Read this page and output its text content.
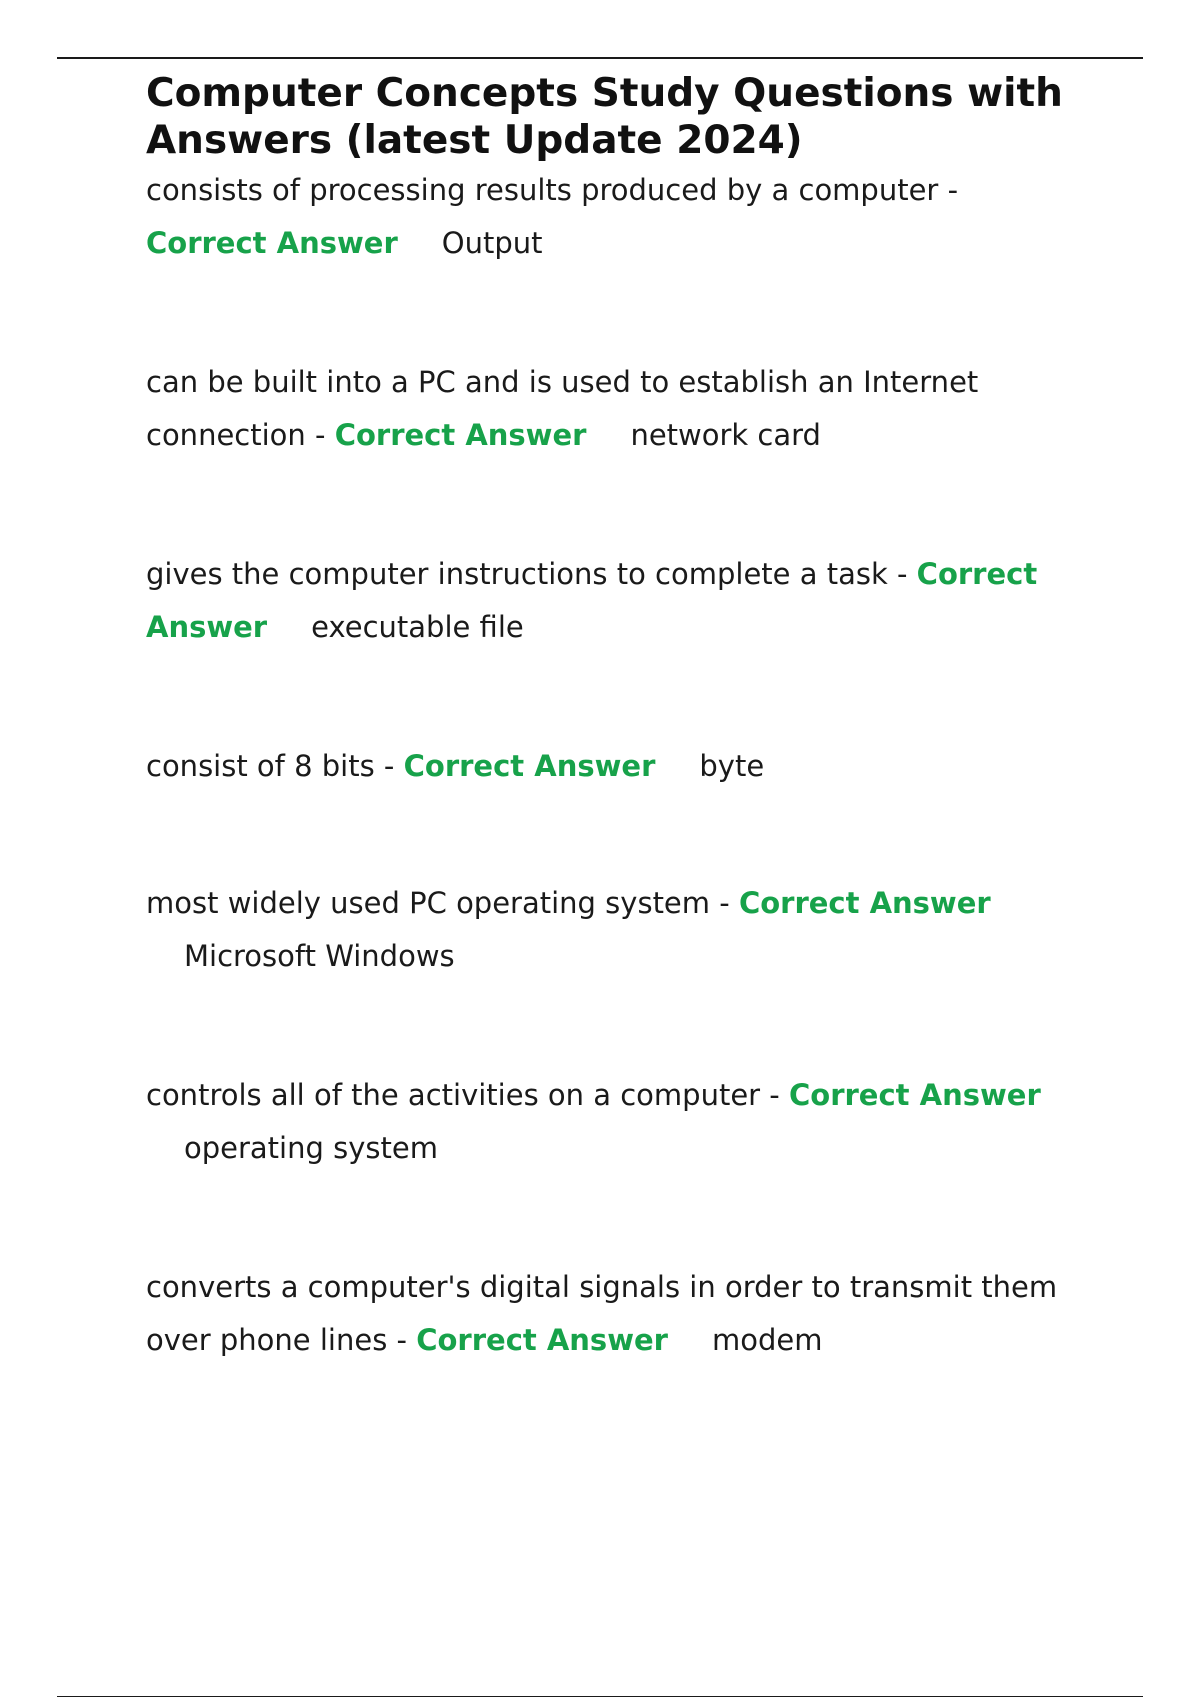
Computer Concepts Study Questions with Answers (latest Update 2024)

consists of processing results produced by a computer -
Correct Answer Output

can be built into a PC and is used to establish an Internet connection - Correct Answer network card

gives the computer instructions to complete a task - Correct Answer executable file

consist of 8 bits - Correct Answer byte

most widely used PC operating system - Correct Answer
Microsoft Windows

controls all of the activities on a computer - Correct Answer
operating system

converts a computer's digital signals in order to transmit them over phone lines - Correct Answer modem
